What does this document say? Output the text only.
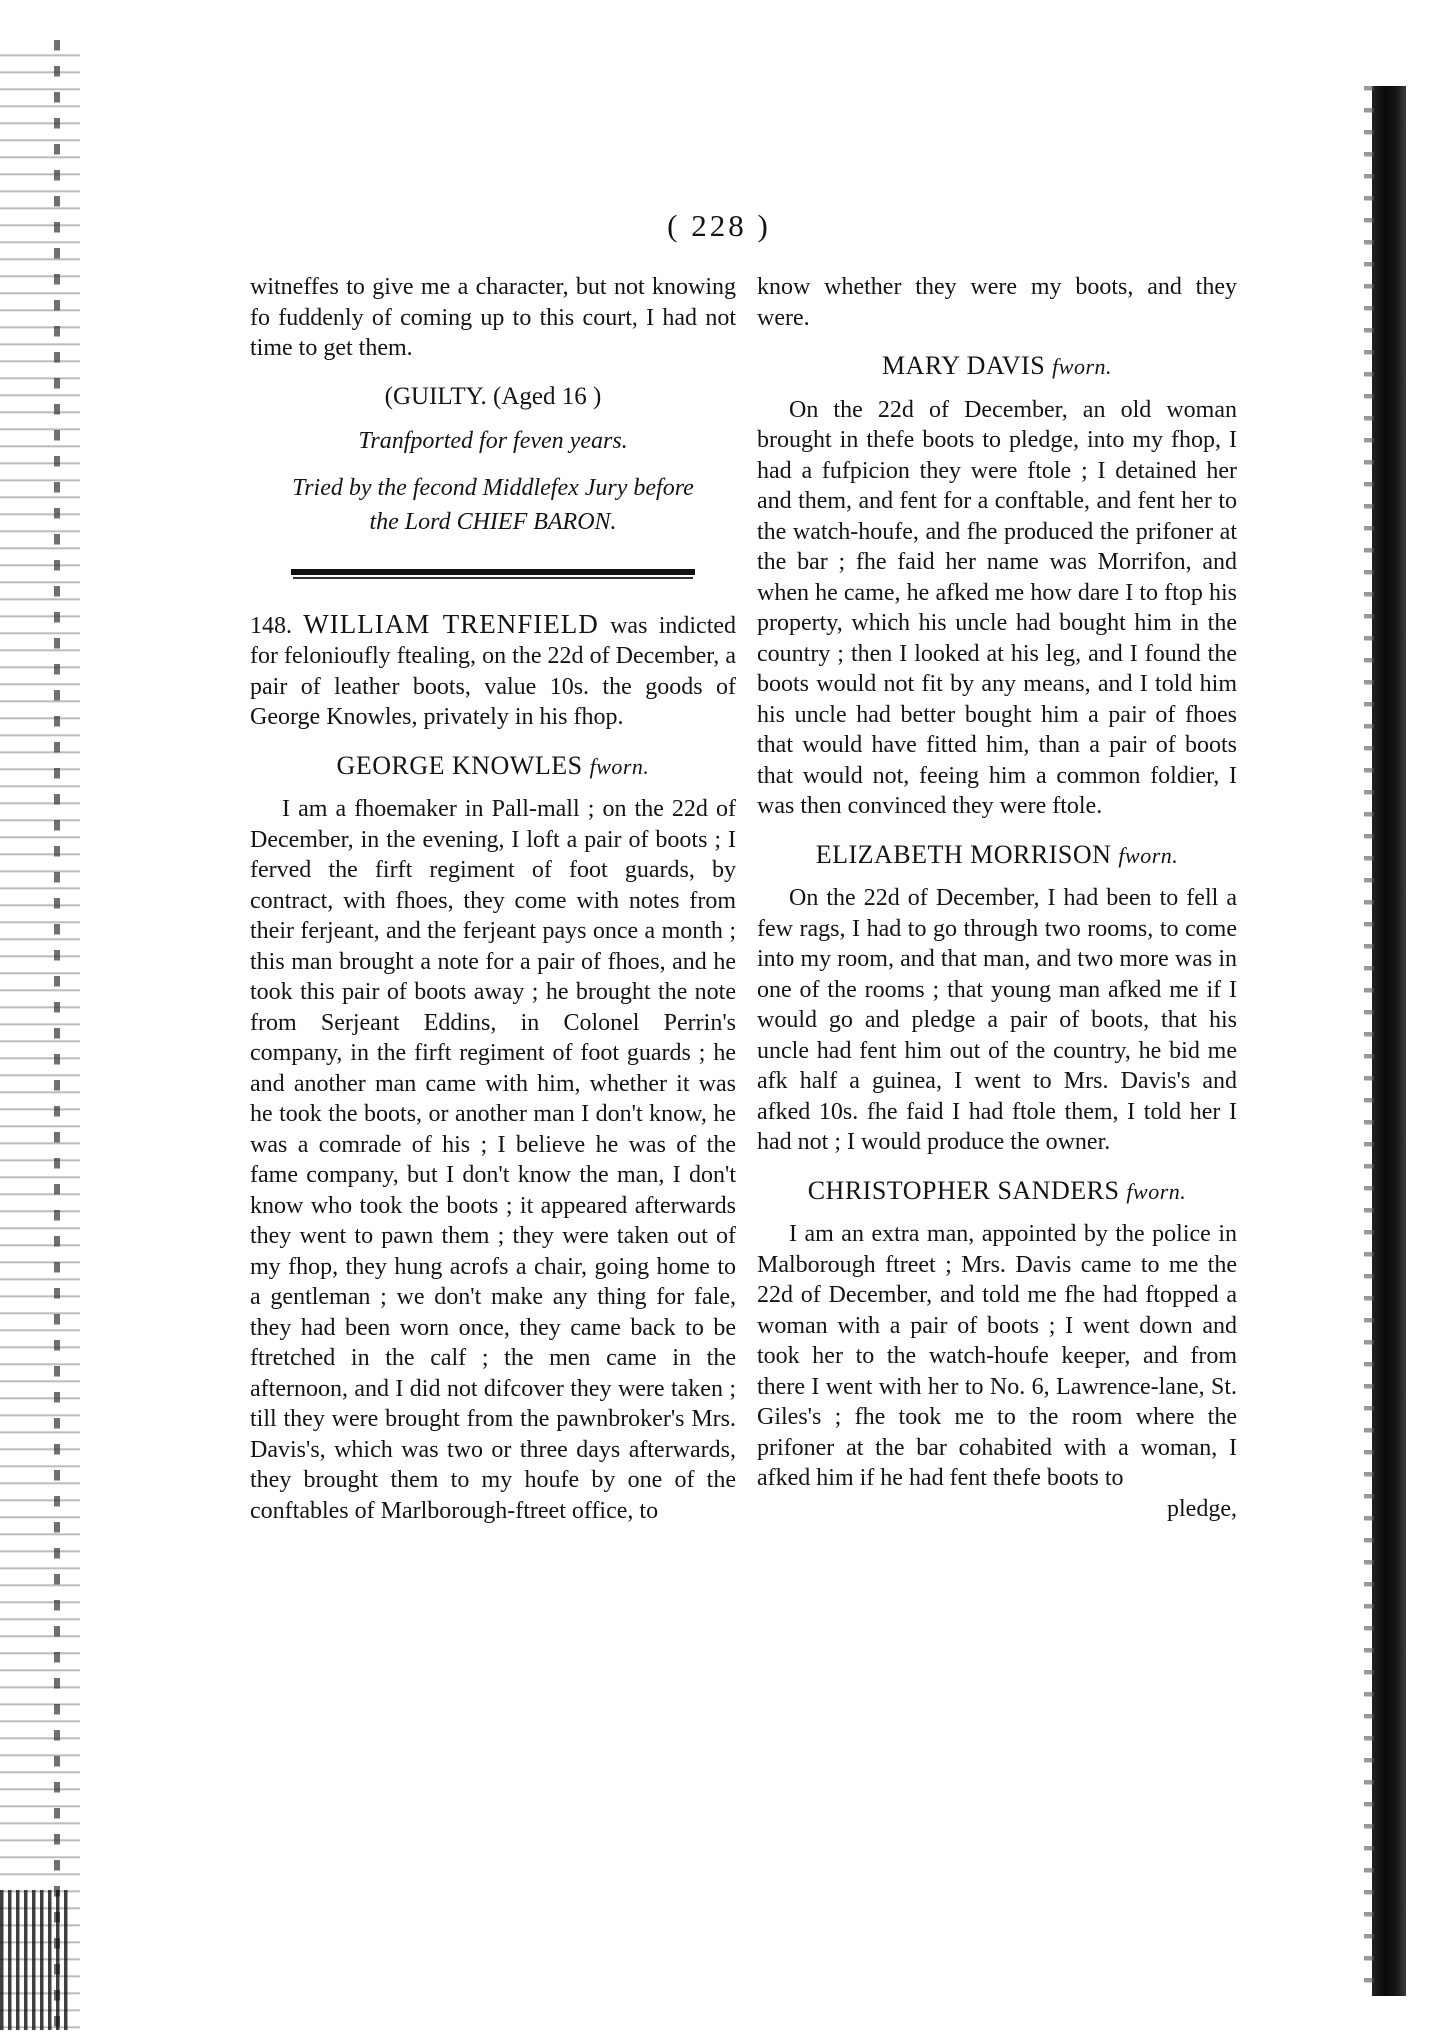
( 228 )

witneffes to give me a character, but not knowing fo fuddenly of coming up to this court, I had not time to get them.

(GUILTY. (Aged 16 )

Tranfported for feven years.

Tried by the fecond Middlefex Jury before

the Lord CHIEF BARON.

148. WILLIAM TRENFIELD was indicted for felonioufly ftealing, on the 22d of December, a pair of leather boots, value 10s. the goods of George Knowles, privately in his fhop.

GEORGE KNOWLES fworn.

I am a fhoemaker in Pall-mall ; on the 22d of December, in the evening, I loft a pair of boots ; I ferved the firft regiment of foot guards, by contract, with fhoes, they come with notes from their ferjeant, and the ferjeant pays once a month ; this man brought a note for a pair of fhoes, and he took this pair of boots away ; he brought the note from Serjeant Eddins, in Colonel Perrin's company, in the firft regiment of foot guards ; he and another man came with him, whether it was he took the boots, or another man I don't know, he was a comrade of his ; I believe he was of the fame company, but I don't know the man, I don't know who took the boots ; it appeared afterwards they went to pawn them ; they were taken out of my fhop, they hung acrofs a chair, going home to a gentleman ; we don't make any thing for fale, they had been worn once, they came back to be ftretched in the calf ; the men came in the afternoon, and I did not difcover they were taken ; till they were brought from the pawnbroker's Mrs. Davis's, which was two or three days afterwards, they brought them to my houfe by one of the conftables of Marlborough-ftreet office, to

know whether they were my boots, and they were.

MARY DAVIS fworn.

On the 22d of December, an old woman brought in thefe boots to pledge, into my fhop, I had a fufpicion they were ftole ; I detained her and them, and fent for a conftable, and fent her to the watch-houfe, and fhe produced the prifoner at the bar ; fhe faid her name was Morrifon, and when he came, he afked me how dare I to ftop his property, which his uncle had bought him in the country ; then I looked at his leg, and I found the boots would not fit by any means, and I told him his uncle had better bought him a pair of fhoes that would have fitted him, than a pair of boots that would not, feeing him a common foldier, I was then convinced they were ftole.

ELIZABETH MORRISON fworn.

On the 22d of December, I had been to fell a few rags, I had to go through two rooms, to come into my room, and that man, and two more was in one of the rooms ; that young man afked me if I would go and pledge a pair of boots, that his uncle had fent him out of the country, he bid me afk half a guinea, I went to Mrs. Davis's and afked 10s. fhe faid I had ftole them, I told her I had not ; I would produce the owner.

CHRISTOPHER SANDERS fworn.

I am an extra man, appointed by the police in Malborough ftreet ; Mrs. Davis came to me the 22d of December, and told me fhe had ftopped a woman with a pair of boots ; I went down and took her to the watch-houfe keeper, and from there I went with her to No. 6, Lawrence-lane, St. Giles's ; fhe took me to the room where the prifoner at the bar cohabited with a woman, I afked him if he had fent thefe boots to

pledge,
